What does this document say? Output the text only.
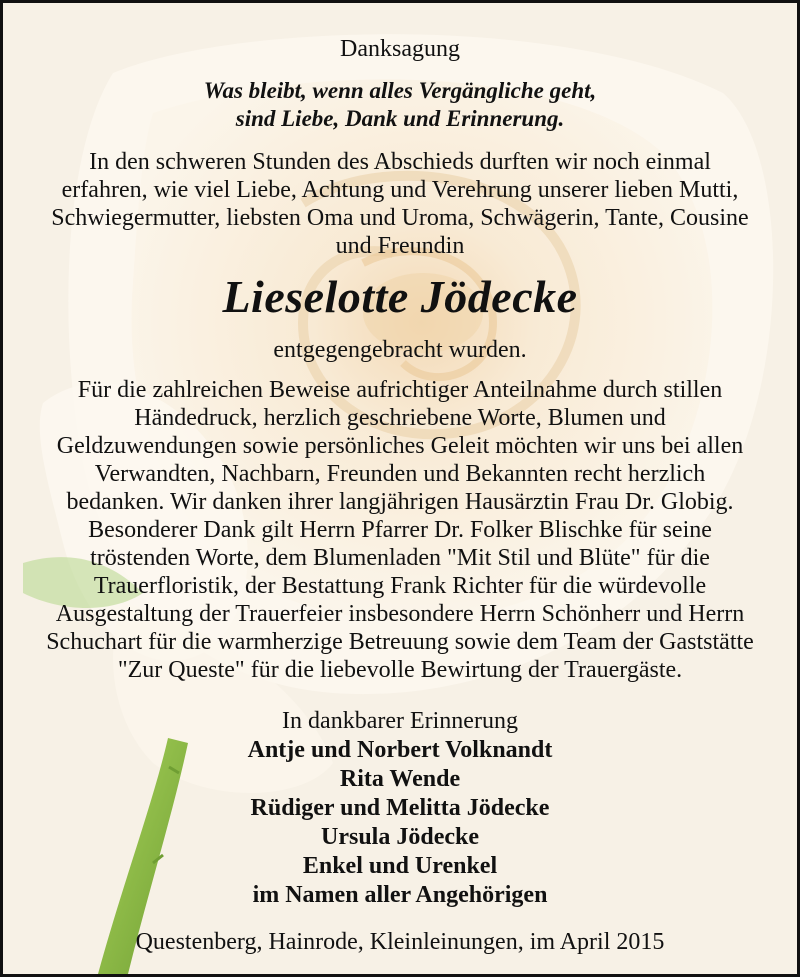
Danksagung
Was bleibt, wenn alles Vergängliche geht,
sind Liebe, Dank und Erinnerung.
In den schweren Stunden des Abschieds durften wir noch einmal
erfahren, wie viel Liebe, Achtung und Verehrung unserer lieben Mutti,
Schwiegermutter, liebsten Oma und Uroma, Schwägerin, Tante, Cousine
und Freundin
Lieselotte Jödecke
entgegengebracht wurden.
Für die zahlreichen Beweise aufrichtiger Anteilnahme durch stillen
Händedruck, herzlich geschriebene Worte, Blumen und
Geldzuwendungen sowie persönliches Geleit möchten wir uns bei allen
Verwandten, Nachbarn, Freunden und Bekannten recht herzlich
bedanken. Wir danken ihrer langjährigen Hausärztin Frau Dr. Globig.
Besonderer Dank gilt Herrn Pfarrer Dr. Folker Blischke für seine
tröstenden Worte, dem Blumenladen "Mit Stil und Blüte" für die
Trauerfloristik, der Bestattung Frank Richter für die würdevolle
Ausgestaltung der Trauerfeier insbesondere Herrn Schönherr und Herrn
Schuchart für die warmherzige Betreuung sowie dem Team der Gaststätte
"Zur Queste" für die liebevolle Bewirtung der Trauergäste.
In dankbarer Erinnerung
Antje und Norbert Volknandt
Rita Wende
Rüdiger und Melitta Jödecke
Ursula Jödecke
Enkel und Urenkel
im Namen aller Angehörigen
Questenberg, Hainrode, Kleinleinungen, im April 2015
